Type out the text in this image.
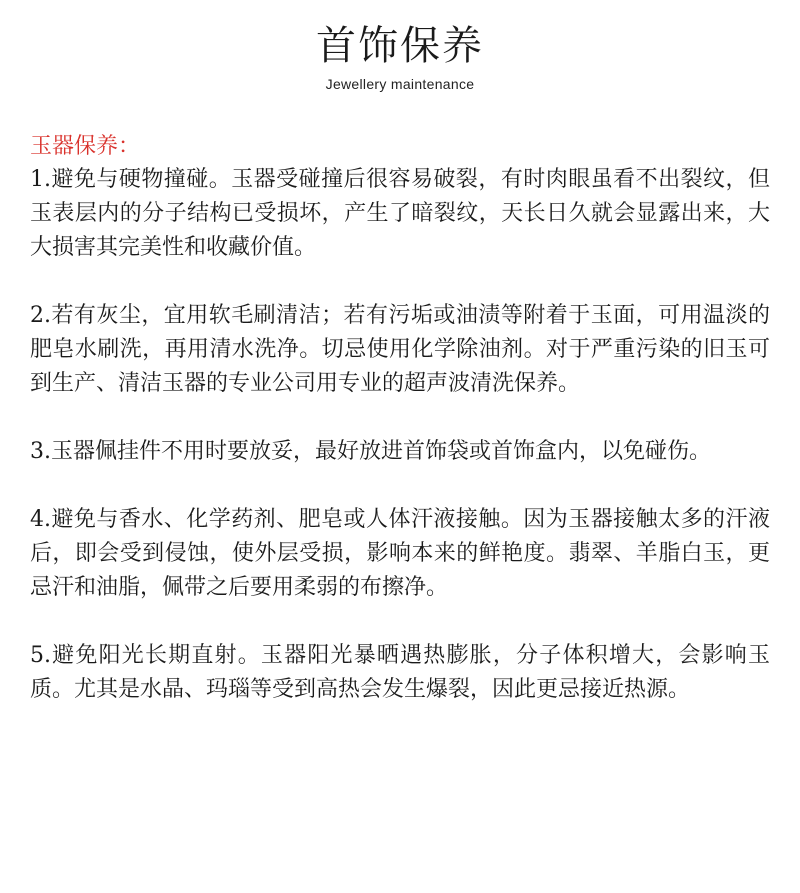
首饰保养
Jewellery maintenance
玉器保养：

1.避免与硬物撞碰。玉器受碰撞后很容易破裂，有时肉眼虽看不出裂纹，但玉表层内的分子结构已受损坏，产生了暗裂纹，天长日久就会显露出来，大大损害其完美性和收藏价值。

2.若有灰尘，宜用软毛刷清洁；若有污垢或油渍等附着于玉面，可用温淡的肥皂水刷洗，再用清水洗净。切忌使用化学除油剂。对于严重污染的旧玉可到生产、清洁玉器的专业公司用专业的超声波清洗保养。

3.玉器佩挂件不用时要放妥，最好放进首饰袋或首饰盒内，以免碰伤。

4.避免与香水、化学药剂、肥皂或人体汗液接触。因为玉器接触太多的汗液后，即会受到侵蚀，使外层受损，影响本来的鲜艳度。翡翠、羊脂白玉，更忌汗和油脂，佩带之后要用柔弱的布擦净。

5.避免阳光长期直射。玉器阳光暴晒遇热膨胀，分子体积增大，会影响玉质。尤其是水晶、玛瑙等受到高热会发生爆裂，因此更忌接近热源。
